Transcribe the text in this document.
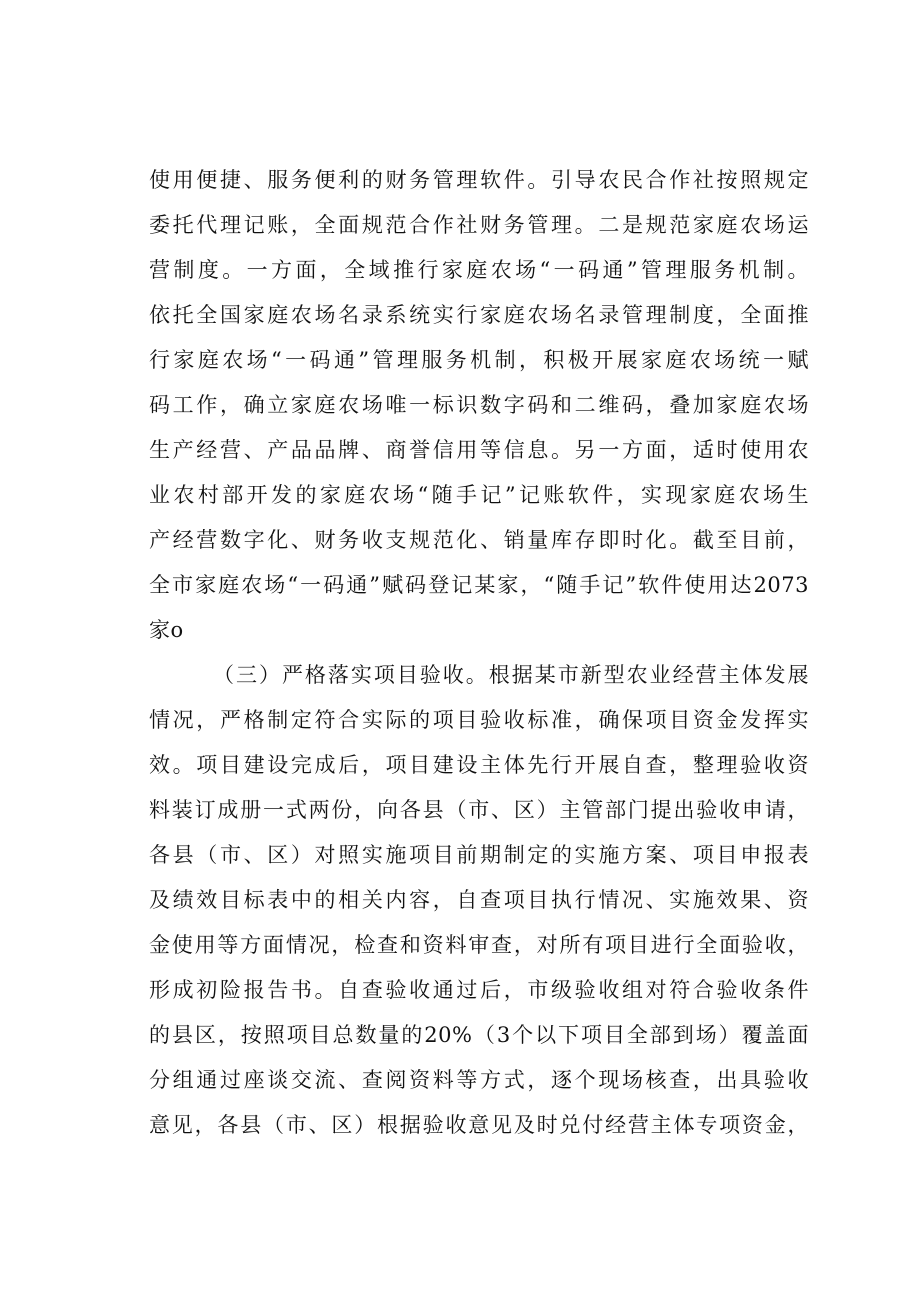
使用便捷、服务便利的财务管理软件。引导农民合作社按照规定
委托代理记账，全面规范合作社财务管理。二是规范家庭农场运
营制度。一方面，全域推行家庭农场“一码通”管理服务机制。
依托全国家庭农场名录系统实行家庭农场名录管理制度，全面推
行家庭农场“一码通”管理服务机制，积极开展家庭农场统一赋
码工作，确立家庭农场唯一标识数字码和二维码，叠加家庭农场
生产经营、产品品牌、商誉信用等信息。另一方面，适时使用农
业农村部开发的家庭农场“随手记”记账软件，实现家庭农场生
产经营数字化、财务收支规范化、销量库存即时化。截至目前，
全市家庭农场“一码通”赋码登记某家，“随手记”软件使用达2073
家o
（三）严格落实项目验收。根据某市新型农业经营主体发展
情况，严格制定符合实际的项目验收标准，确保项目资金发挥实
效。项目建设完成后，项目建设主体先行开展自查，整理验收资
料装订成册一式两份，向各县（市、区）主管部门提出验收申请，
各县（市、区）对照实施项目前期制定的实施方案、项目申报表
及绩效目标表中的相关内容，自查项目执行情况、实施效果、资
金使用等方面情况，检查和资料审查，对所有项目进行全面验收，
形成初险报告书。自查验收通过后，市级验收组对符合验收条件
的县区，按照项目总数量的20%（3个以下项目全部到场）覆盖面
分组通过座谈交流、查阅资料等方式，逐个现场核查，出具验收
意见，各县（市、区）根据验收意见及时兑付经营主体专项资金，
